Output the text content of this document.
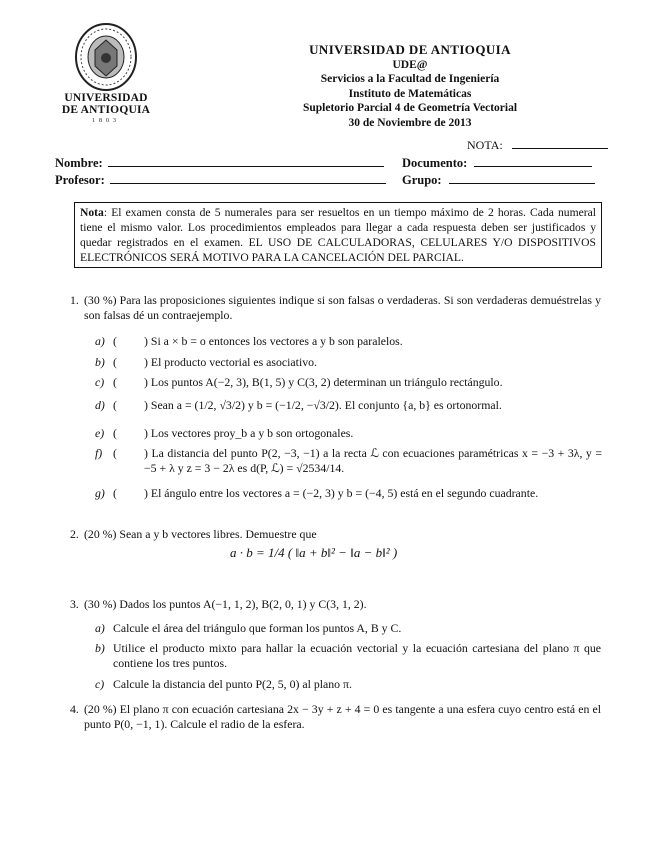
UNIVERSIDAD
DE ANTIOQUIA
1803
UNIVERSIDAD DE ANTIOQUIA
UDE@
Servicios a la Facultad de Ingeniería
Instituto de Matemáticas
Supletorio Parcial 4 de Geometría Vectorial
30 de Noviembre de 2013
NOTA:
Nombre:	Documento:
Profesor:	Grupo:
Nota: El examen consta de 5 numerales para ser resueltos en un tiempo máximo de 2 horas. Cada numeral tiene el mismo valor. Los procedimientos empleados para llegar a cada respuesta deben ser justificados y quedar registrados en el examen. EL USO DE CALCULADORAS, CELULARES Y/O DISPOSITIVOS ELECTRÓNICOS SERÁ MOTIVO PARA LA CANCELACIÓN DEL PARCIAL.
1. (30 %) Para las proposiciones siguientes indique si son falsas o verdaderas. Si son verdaderas demuéstrelas y son falsas dé un contraejemplo.
a) ( ) Si a × b = o entonces los vectores a y b son paralelos.
b) ( ) El producto vectorial es asociativo.
c) ( ) Los puntos A(−2, 3), B(1, 5) y C(3, 2) determinan un triángulo rectángulo.
d) ( ) Sean a = (1/2, √3/2) y b = (−1/2, −√3/2). El conjunto {a, b} es ortonormal.
e) ( ) Los vectores proy_b a y b son ortogonales.
f) ( ) La distancia del punto P(2, −3, −1) a la recta ℒ con ecuaciones paramétricas x = −3 + 3λ, y = −5 + λ y z = 3 − 2λ es d(P, ℒ) = √2534/14.
g) ( ) El ángulo entre los vectores a = (−2, 3) y b = (−4, 5) está en el segundo cuadrante.
2. (20 %) Sean a y b vectores libres. Demuestre que
a · b = 1/4 ( ‖a + b‖² − ‖a − b‖² )
3. (30 %) Dados los puntos A(−1, 1, 2), B(2, 0, 1) y C(3, 1, 2).
a) Calcule el área del triángulo que forman los puntos A, B y C.
b) Utilice el producto mixto para hallar la ecuación vectorial y la ecuación cartesiana del plano π que contiene los tres puntos.
c) Calcule la distancia del punto P(2, 5, 0) al plano π.
4. (20 %) El plano π con ecuación cartesiana 2x − 3y + z + 4 = 0 es tangente a una esfera cuyo centro está en el punto P(0, −1, 1). Calcule el radio de la esfera.
